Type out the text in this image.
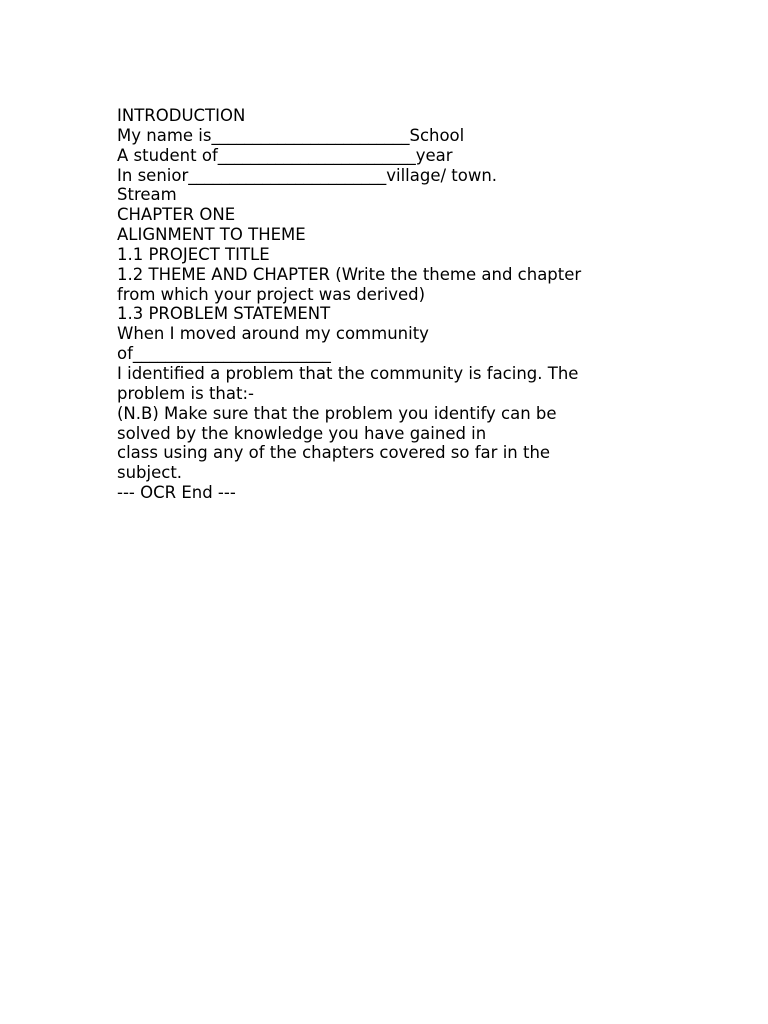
INTRODUCTION
My name is________________________School
A student of________________________year
In senior________________________village/ town.
Stream
CHAPTER ONE
ALIGNMENT TO THEME
1.1 PROJECT TITLE
1.2 THEME AND CHAPTER (Write the theme and chapter
from which your project was derived)
1.3 PROBLEM STATEMENT
When I moved around my community
of________________________
I identified a problem that the community is facing. The
problem is that:-
(N.B) Make sure that the problem you identify can be
solved by the knowledge you have gained in
class using any of the chapters covered so far in the
subject.
--- OCR End ---
